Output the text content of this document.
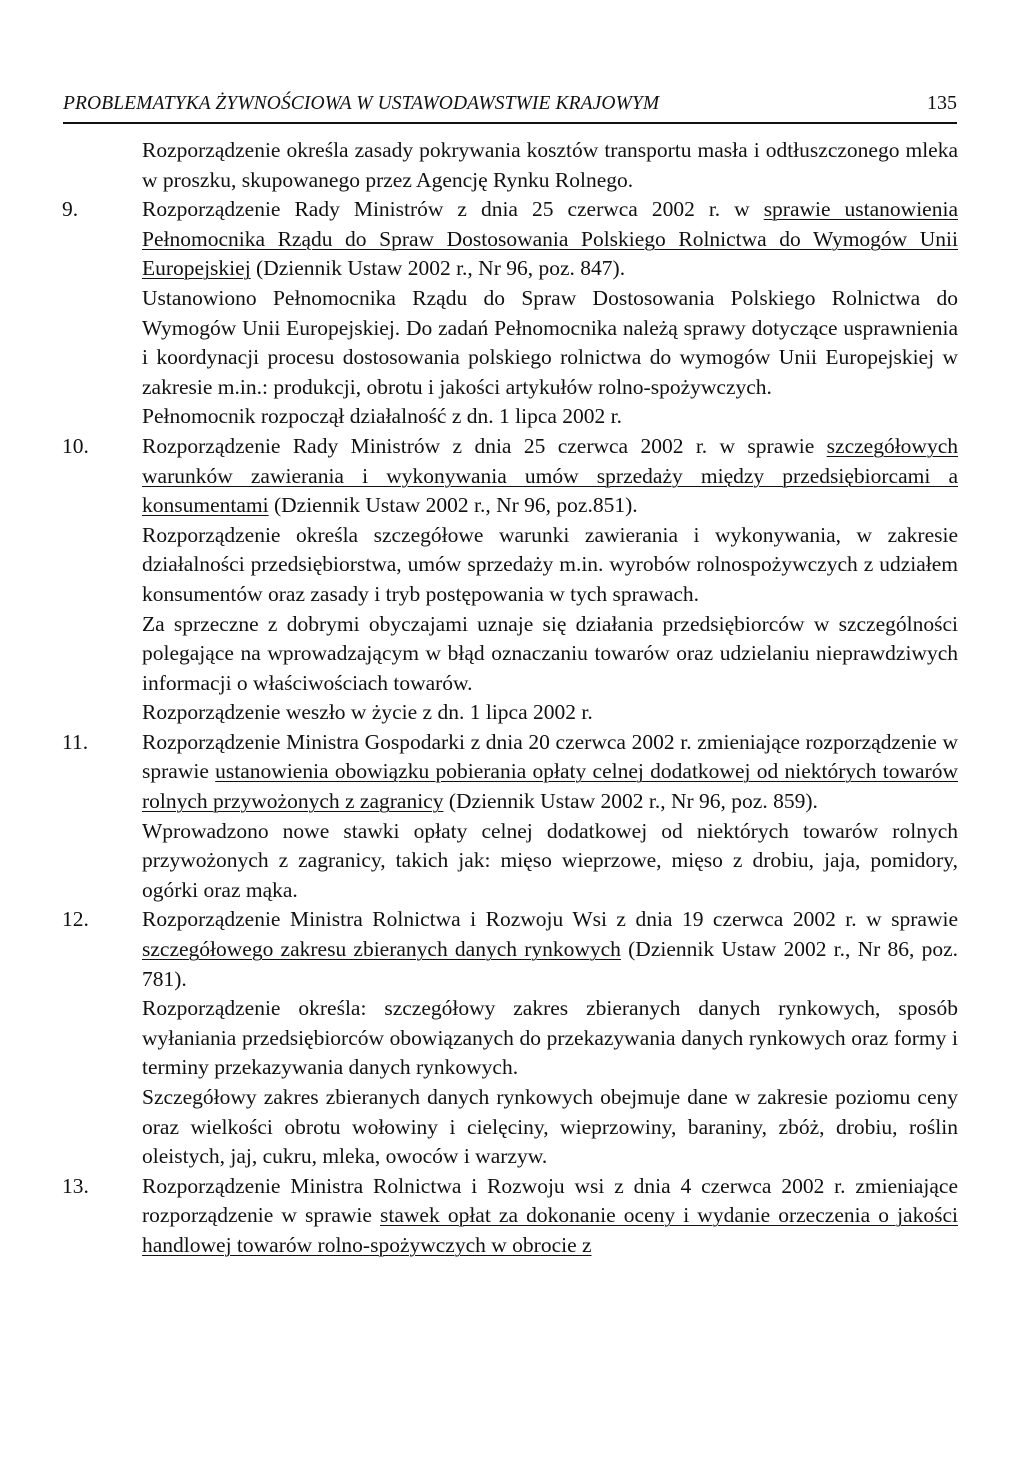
PROBLEMATYKA ŻYWNOŚCIOWA W USTAWODAWSTWIE KRAJOWYM	135

Rozporządzenie określa zasady pokrywania kosztów transportu masła i odtłuszczonego mleka w proszku, skupowanego przez Agencję Rynku Rolnego.

9.	Rozporządzenie Rady Ministrów z dnia 25 czerwca 2002 r. w sprawie ustanowienia Pełnomocnika Rządu do Spraw Dostosowania Polskiego Rolnictwa do Wymogów Unii Europejskiej (Dziennik Ustaw 2002 r., Nr 96, poz. 847).

Ustanowiono Pełnomocnika Rządu do Spraw Dostosowania Polskiego Rolnictwa do Wymogów Unii Europejskiej. Do zadań Pełnomocnika należą sprawy dotyczące usprawnienia i koordynacji procesu dostosowania polskiego rolnictwa do wymogów Unii Europejskiej w zakresie m.in.: produkcji, obrotu i jakości artykułów rolno-spożywczych.

Pełnomocnik rozpoczął działalność z dn. 1 lipca 2002 r.

10. Rozporządzenie Rady Ministrów z dnia 25 czerwca 2002 r. w sprawie szczegółowych warunków zawierania i wykonywania umów sprzedaży między przedsiębiorcami a konsumentami (Dziennik Ustaw 2002 r., Nr 96, poz.851).

Rozporządzenie określa szczegółowe warunki zawierania i wykonywania, w zakresie działalności przedsiębiorstwa, umów sprzedaży m.in. wyrobów rolnospożywczych z udziałem konsumentów oraz zasady i tryb postępowania w tych sprawach.

Za sprzeczne z dobrymi obyczajami uznaje się działania przedsiębiorców w szczególności polegające na wprowadzającym w błąd oznaczaniu towarów oraz udzielaniu nieprawdziwych informacji o właściwościach towarów.

Rozporządzenie weszło w życie z dn. 1 lipca 2002 r.

11.	Rozporządzenie Ministra Gospodarki z dnia 20 czerwca 2002 r. zmieniające rozporządzenie w sprawie ustanowienia obowiązku pobierania opłaty celnej dodatkowej od niektórych towarów rolnych przywożonych z zagranicy (Dziennik Ustaw 2002 r., Nr 96, poz. 859).

Wprowadzono nowe stawki opłaty celnej dodatkowej od niektórych towarów rolnych przywożonych z zagranicy, takich jak: mięso wieprzowe, mięso z drobiu, jaja, pomidory, ogórki oraz mąka.

12. Rozporządzenie Ministra Rolnictwa i Rozwoju Wsi z dnia 19 czerwca 2002 r. w sprawie szczegółowego zakresu zbieranych danych rynkowych (Dziennik Ustaw 2002 r., Nr 86, poz. 781).

Rozporządzenie określa: szczegółowy zakres zbieranych danych rynkowych, sposób wyłaniania przedsiębiorców obowiązanych do przekazywania danych rynkowych oraz formy i terminy przekazywania danych rynkowych.

Szczegółowy zakres zbieranych danych rynkowych obejmuje dane w zakresie poziomu ceny oraz wielkości obrotu wołowiny i cielęciny, wieprzowiny, baraniny, zbóż, drobiu, roślin oleistych, jaj, cukru, mleka, owoców i warzyw.

13. Rozporządzenie Ministra Rolnictwa i Rozwoju wsi z dnia 4 czerwca 2002 r. zmieniające rozporządzenie w sprawie stawek opłat za dokonanie oceny i wydanie orzeczenia o jakości handlowej towarów rolno-spożywczych w obrocie z
